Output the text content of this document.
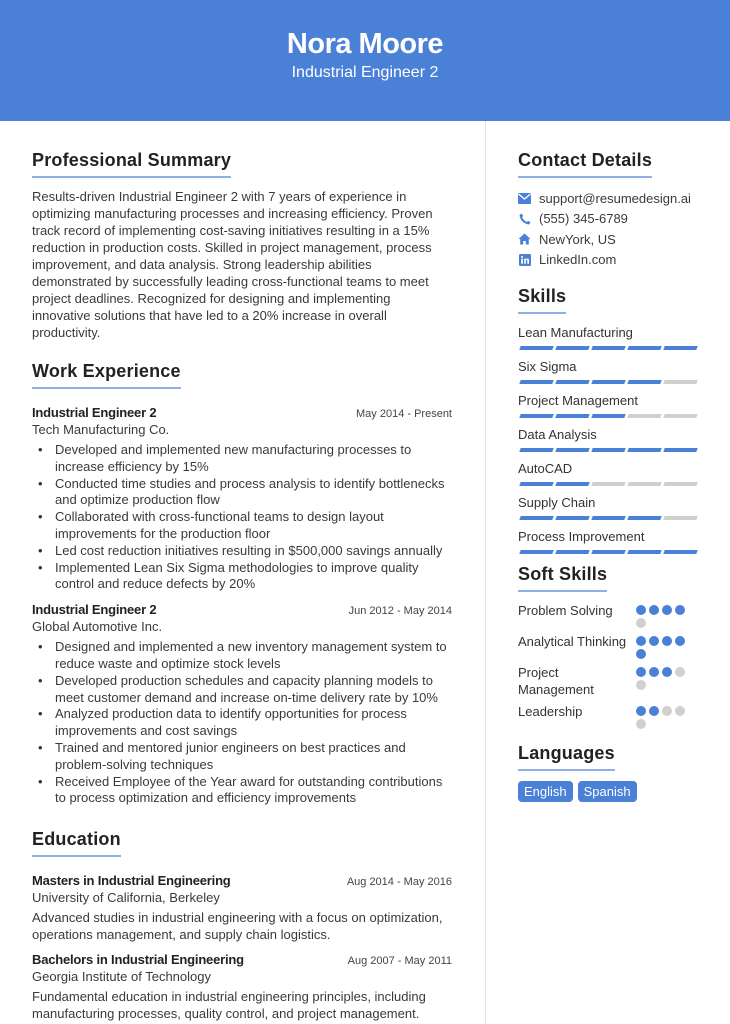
Nora Moore
Industrial Engineer 2
Professional Summary

Results-driven Industrial Engineer 2 with 7 years of experience in optimizing manufacturing processes and increasing efficiency. Proven track record of implementing cost-saving initiatives resulting in a 15% reduction in production costs. Skilled in project management, process improvement, and data analysis. Strong leadership abilities demonstrated by successfully leading cross-functional teams to meet project deadlines. Recognized for designing and implementing innovative solutions that have led to a 20% increase in overall productivity.

Work Experience
Industrial Engineer 2	May 2014 - Present
Tech Manufacturing Co.
• Developed and implemented new manufacturing processes to increase efficiency by 15%
• Conducted time studies and process analysis to identify bottlenecks and optimize production flow
• Collaborated with cross-functional teams to design layout improvements for the production floor
• Led cost reduction initiatives resulting in $500,000 savings annually
• Implemented Lean Six Sigma methodologies to improve quality control and reduce defects by 20%
Industrial Engineer 2	Jun 2012 - May 2014
Global Automotive Inc.
• Designed and implemented a new inventory management system to reduce waste and optimize stock levels
• Developed production schedules and capacity planning models to meet customer demand and increase on-time delivery rate by 10%
• Analyzed production data to identify opportunities for process improvements and cost savings
• Trained and mentored junior engineers on best practices and problem-solving techniques
• Received Employee of the Year award for outstanding contributions to process optimization and efficiency improvements
Education
Masters in Industrial Engineering	Aug 2014 - May 2016
University of California, Berkeley

Advanced studies in industrial engineering with a focus on optimization, operations management, and supply chain logistics.

Bachelors in Industrial Engineering	Aug 2007 - May 2011
Georgia Institute of Technology

Fundamental education in industrial engineering principles, including manufacturing processes, quality control, and project management.

Contact Details
support@resumedesign.ai
(555) 345-6789
NewYork, US
LinkedIn.com
Skills
Lean Manufacturing
Six Sigma
Project Management
Data Analysis
AutoCAD
Supply Chain
Process Improvement
Soft Skills
Problem Solving
Analytical Thinking
Project Management
Leadership
Languages
English	Spanish
